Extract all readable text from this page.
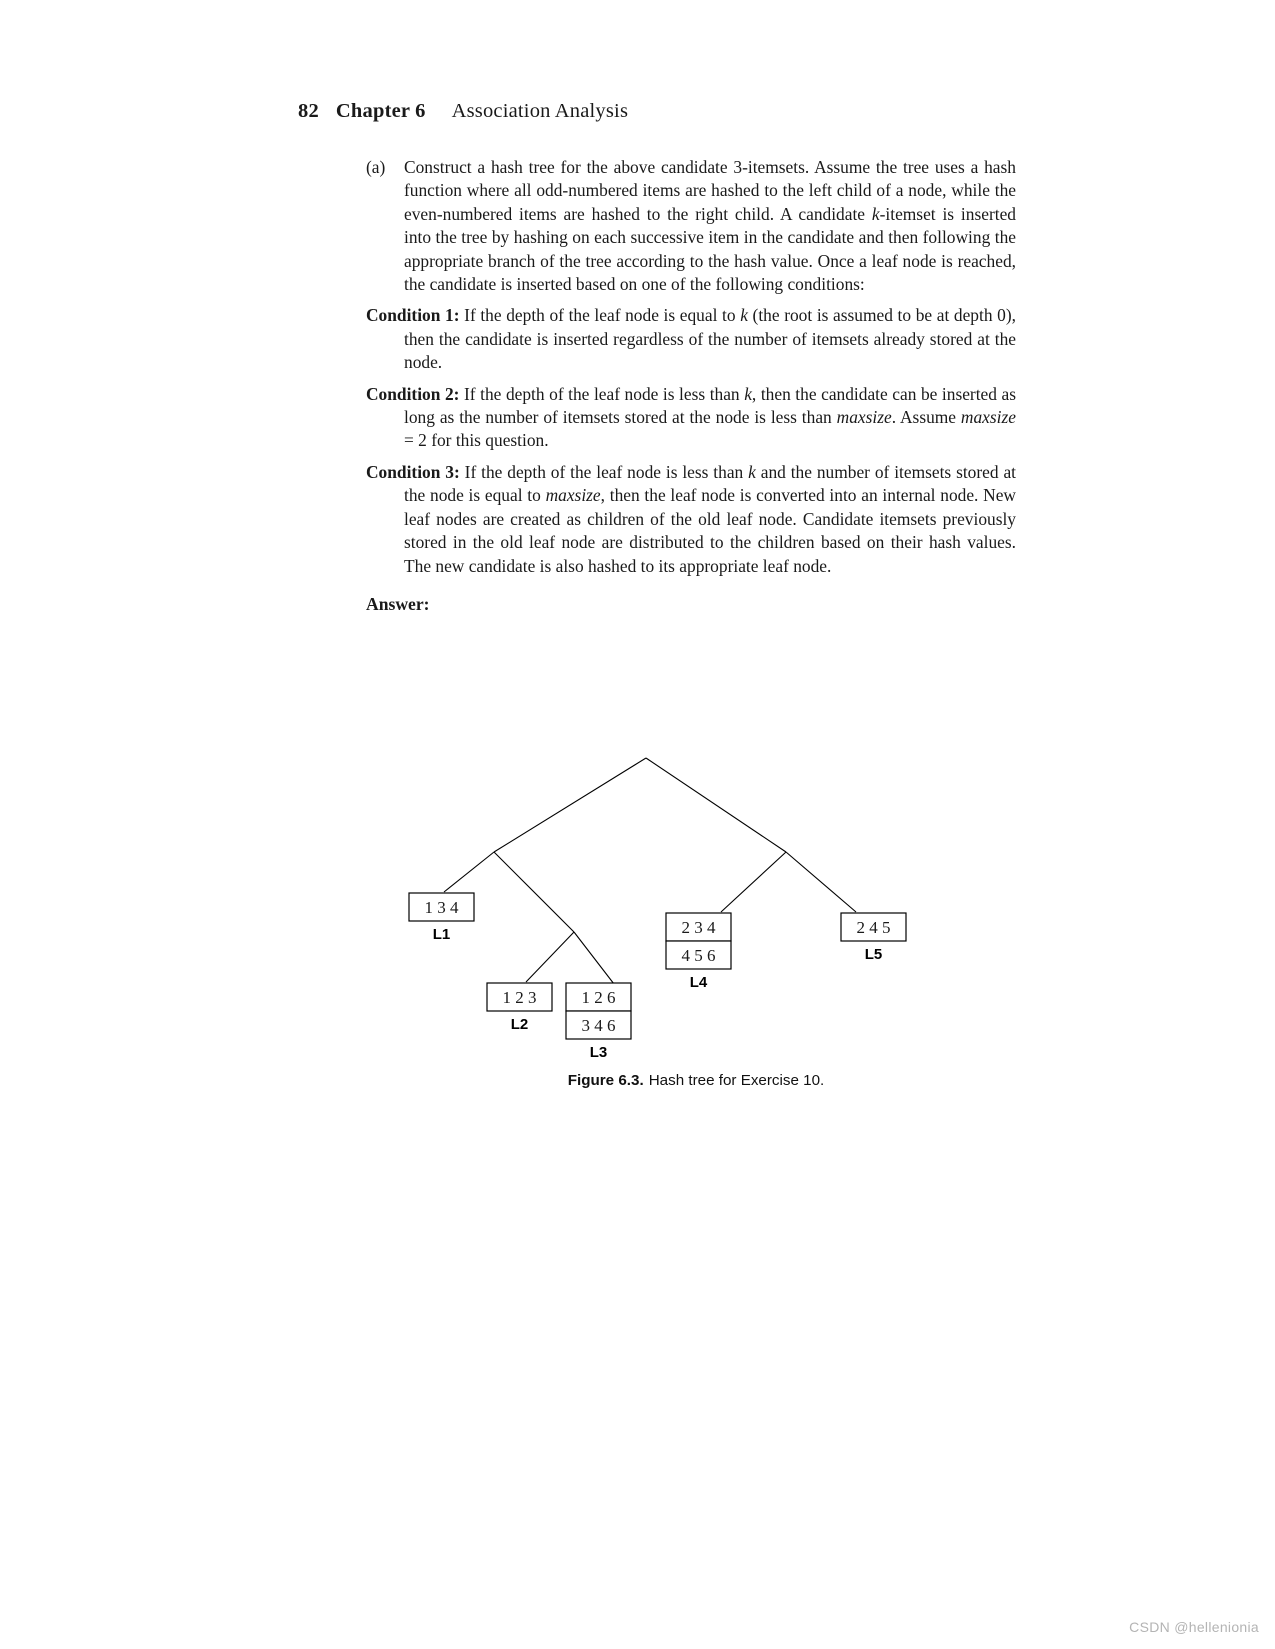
82 Chapter 6 Association Analysis
(a) Construct a hash tree for the above candidate 3-itemsets. Assume the tree uses a hash function where all odd-numbered items are hashed to the left child of a node, while the even-numbered items are hashed to the right child. A candidate k-itemset is inserted into the tree by hashing on each successive item in the candidate and then following the appropriate branch of the tree according to the hash value. Once a leaf node is reached, the candidate is inserted based on one of the following conditions:
Condition 1: If the depth of the leaf node is equal to k (the root is assumed to be at depth 0), then the candidate is inserted regardless of the number of itemsets already stored at the node.
Condition 2: If the depth of the leaf node is less than k, then the candidate can be inserted as long as the number of itemsets stored at the node is less than maxsize. Assume maxsize = 2 for this question.
Condition 3: If the depth of the leaf node is less than k and the number of itemsets stored at the node is equal to maxsize, then the leaf node is converted into an internal node. New leaf nodes are created as children of the old leaf node. Candidate itemsets previously stored in the old leaf node are distributed to the children based on their hash values. The new candidate is also hashed to its appropriate leaf node.
Answer:
1 3 4
L1
1 2 3
L2
1 2 6
3 4 6
L3
2 3 4
4 5 6
L4
2 4 5
L5
Figure 6.3. Hash tree for Exercise 10.
CSDN @hellenionia
